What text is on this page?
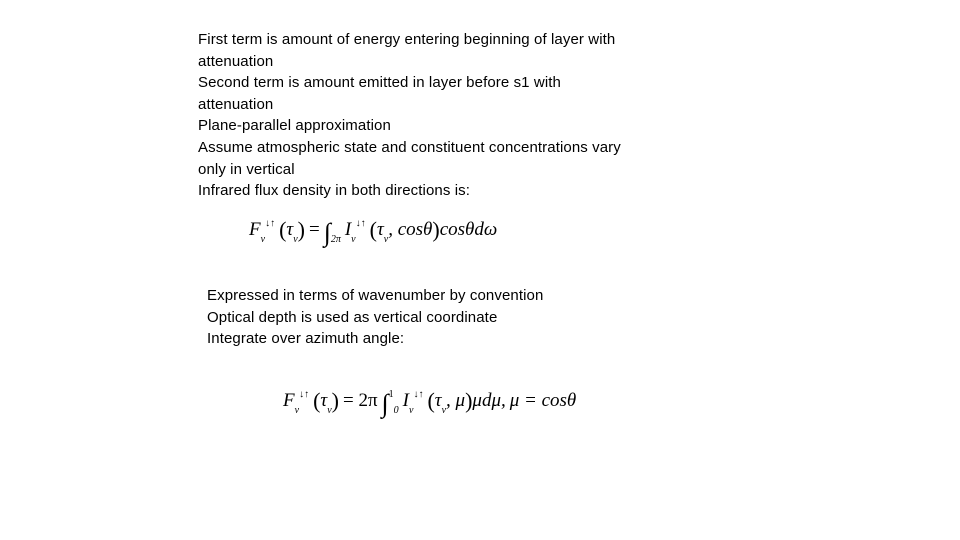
First term is amount of energy entering beginning of layer with
attenuation
Second term is amount emitted in layer before s1 with
attenuation
Plane-parallel approximation
Assume atmospheric state and constituent concentrations vary
only in vertical
Infrared flux density in both directions is:
$F_\nu^{↓↑}$ $(\tau_\nu) = \int_{2\pi}$ $I_\nu^{↓↑}$ ($\tau_\nu$, cosθ)cosθdω
Expressed in terms of wavenumber by convention
Optical depth is used as vertical coordinate
Integrate over azimuth angle:
$F_\nu^{↓↑}$ $(\tau_\nu) = 2\pi$ ∫$^1_0$ $I_\nu^{↓↑}$ ($\tau_\nu$, μ)μdμ, μ = cosθ
